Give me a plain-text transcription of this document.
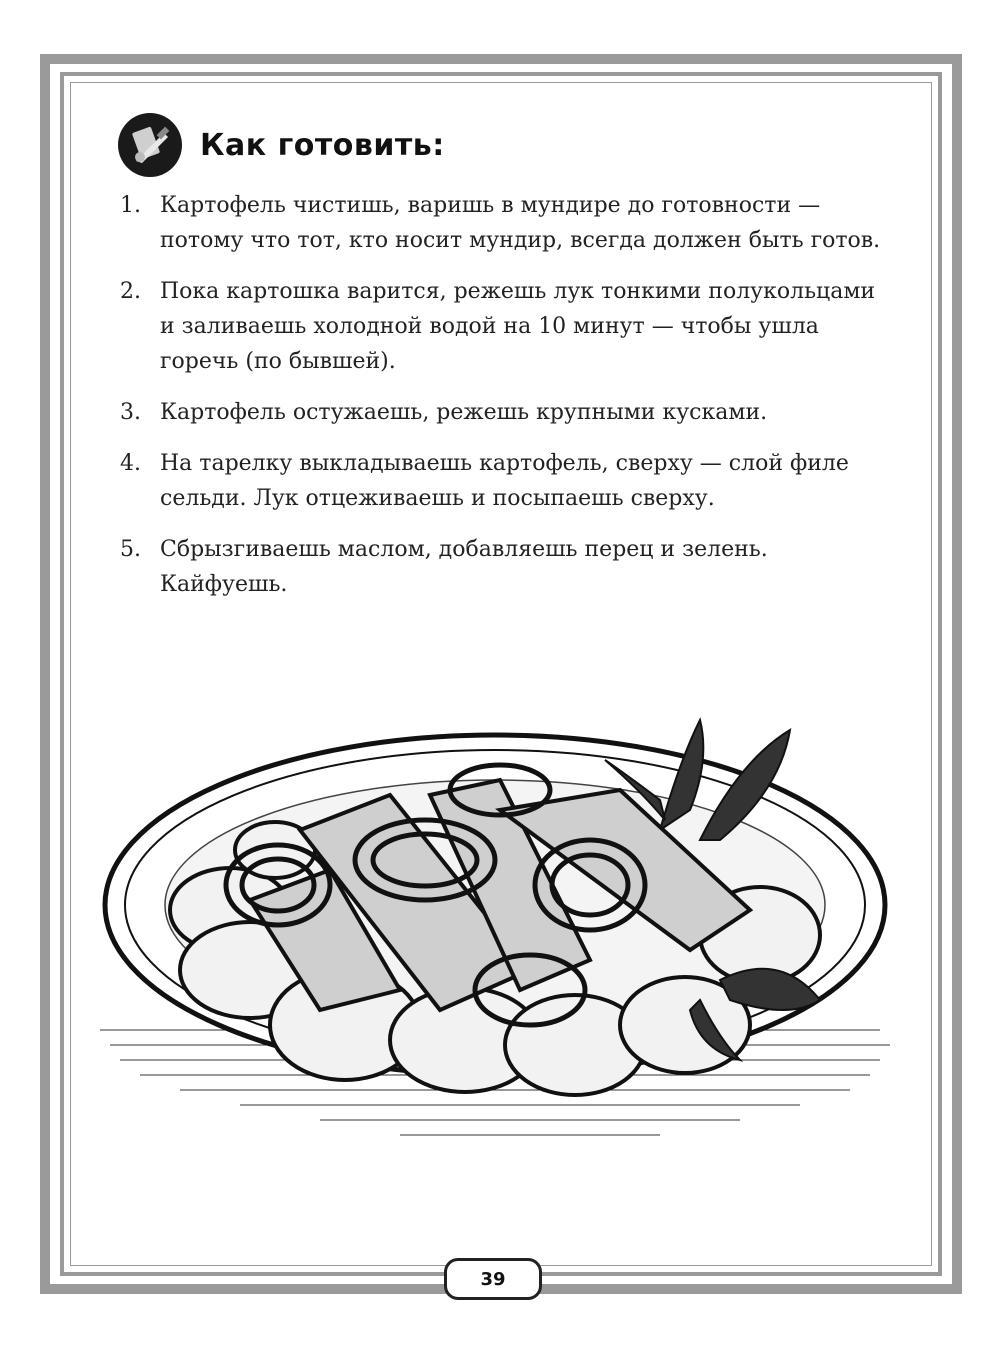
Как готовить:
1. Картофель чистишь, варишь в мундире до готовности — потому что тот, кто носит мундир, всегда должен быть готов.
2. Пока картошка варится, режешь лук тонкими полукольцами и заливаешь холодной водой на 10 минут — чтобы ушла горечь (по бывшей).
3. Картофель остужаешь, режешь крупными кусками.
4. На тарелку выкладываешь картофель, сверху — слой филе сельди. Лук отцеживаешь и посыпаешь сверху.
5. Сбрызгиваешь маслом, добавляешь перец и зелень. Кайфуешь.
39
